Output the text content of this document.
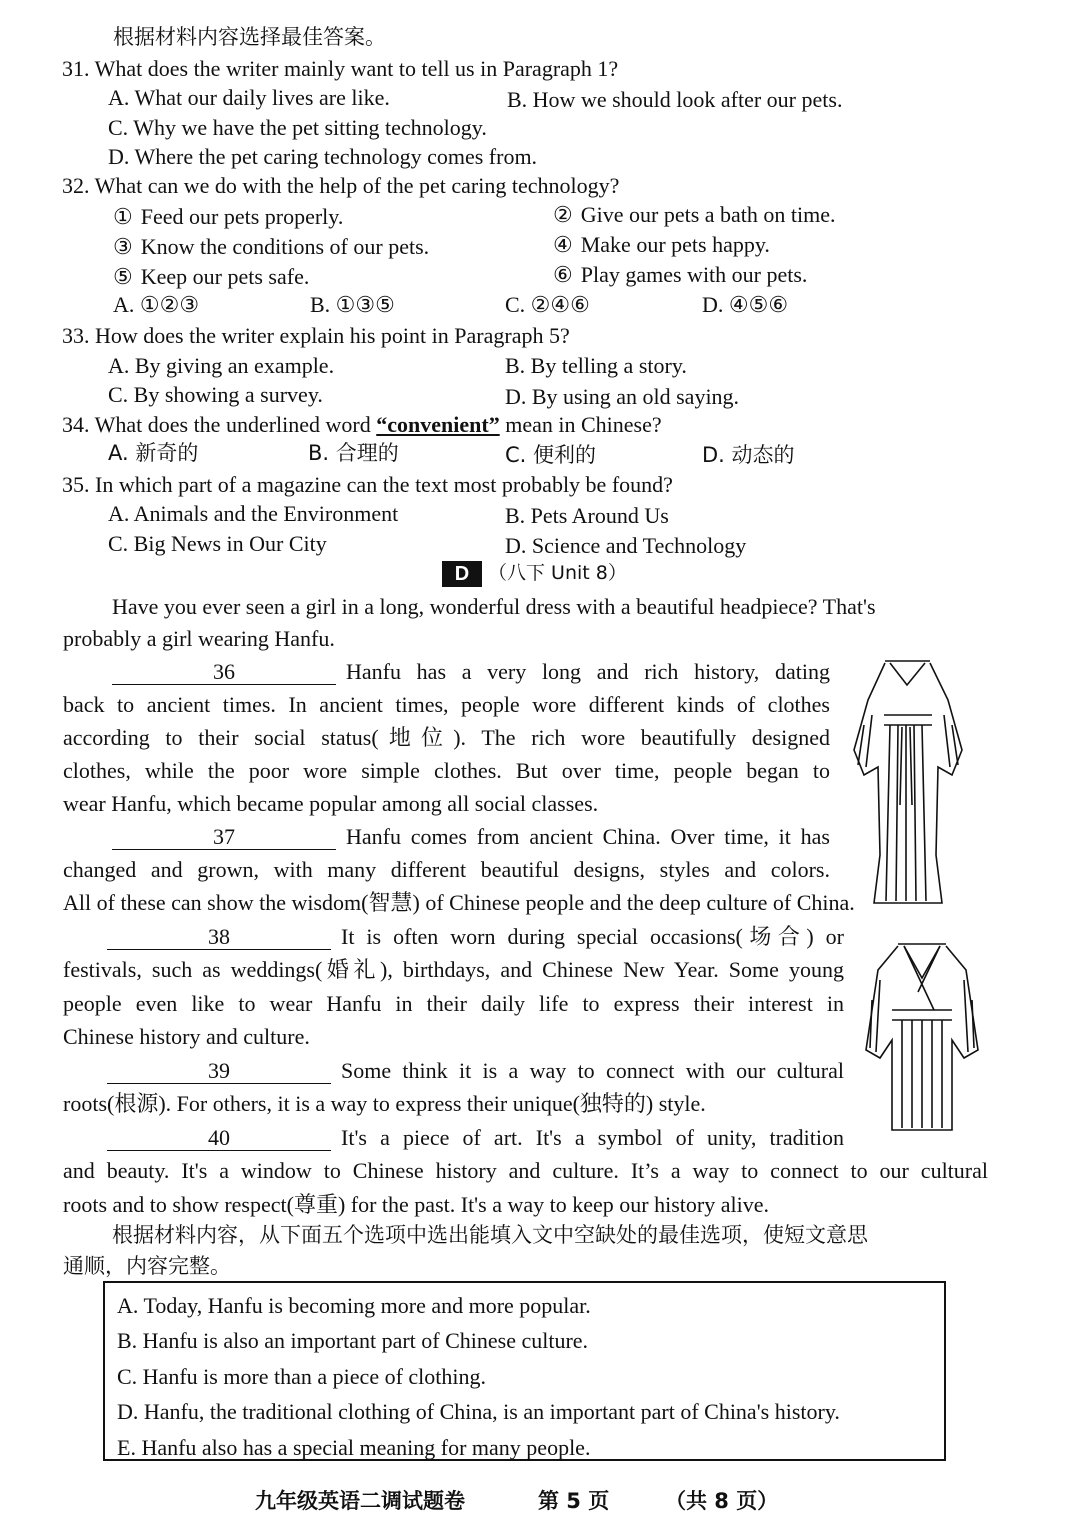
根据材料内容选择最佳答案。
31. What does the writer mainly want to tell us in Paragraph 1?
A. What our daily lives are like.	B. How we should look after our pets.
C. Why we have the pet sitting technology.
D. Where the pet caring technology comes from.
32. What can we do with the help of the pet caring technology?
① Feed our pets properly.	② Give our pets a bath on time.
③ Know the conditions of our pets.	④ Make our pets happy.
⑤ Keep our pets safe.	⑥ Play games with our pets.
A. ①②③	B. ①③⑤	C. ②④⑥	D. ④⑤⑥
33. How does the writer explain his point in Paragraph 5?
A. By giving an example.	B. By telling a story.
C. By showing a survey.	D. By using an old saying.
34. What does the underlined word “convenient” mean in Chinese?
A. 新奇的	B. 合理的	C. 便利的	D. 动态的
35. In which part of a magazine can the text most probably be found?
A. Animals and the Environment	B. Pets Around Us
C. Big News in Our City	D. Science and Technology
D （八下 Unit 8）
Have you ever seen a girl in a long, wonderful dress with a beautiful headpiece? That's
probably a girl wearing Hanfu.
36	Hanfu has a very long and rich history, dating
back to ancient times. In ancient times, people wore different kinds of clothes
according to their social status(地位). The rich wore beautifully designed
clothes, while the poor wore simple clothes. But over time, people began to
wear Hanfu, which became popular among all social classes.
37	Hanfu comes from ancient China. Over time, it has
changed and grown, with many different beautiful designs, styles and colors.
All of these can show the wisdom(智慧) of Chinese people and the deep culture of China.
38	It is often worn during special occasions(场合) or
festivals, such as weddings(婚礼), birthdays, and Chinese New Year. Some young
people even like to wear Hanfu in their daily life to express their interest in
Chinese history and culture.
39	Some think it is a way to connect with our cultural
roots(根源). For others, it is a way to express their unique(独特的) style.
40	It's a piece of art. It's a symbol of unity, tradition
and beauty. It's a window to Chinese history and culture. It’s a way to connect to our cultural
roots and to show respect(尊重) for the past. It's a way to keep our history alive.
根据材料内容，从下面五个选项中选出能填入文中空缺处的最佳选项，使短文意思
通顺，内容完整。
A. Today, Hanfu is becoming more and more popular.
B. Hanfu is also an important part of Chinese culture.
C. Hanfu is more than a piece of clothing.
D. Hanfu, the traditional clothing of China, is an important part of China's history.
E. Hanfu also has a special meaning for many people.
九年级英语二调试题卷	第 5 页	（共 8 页）
